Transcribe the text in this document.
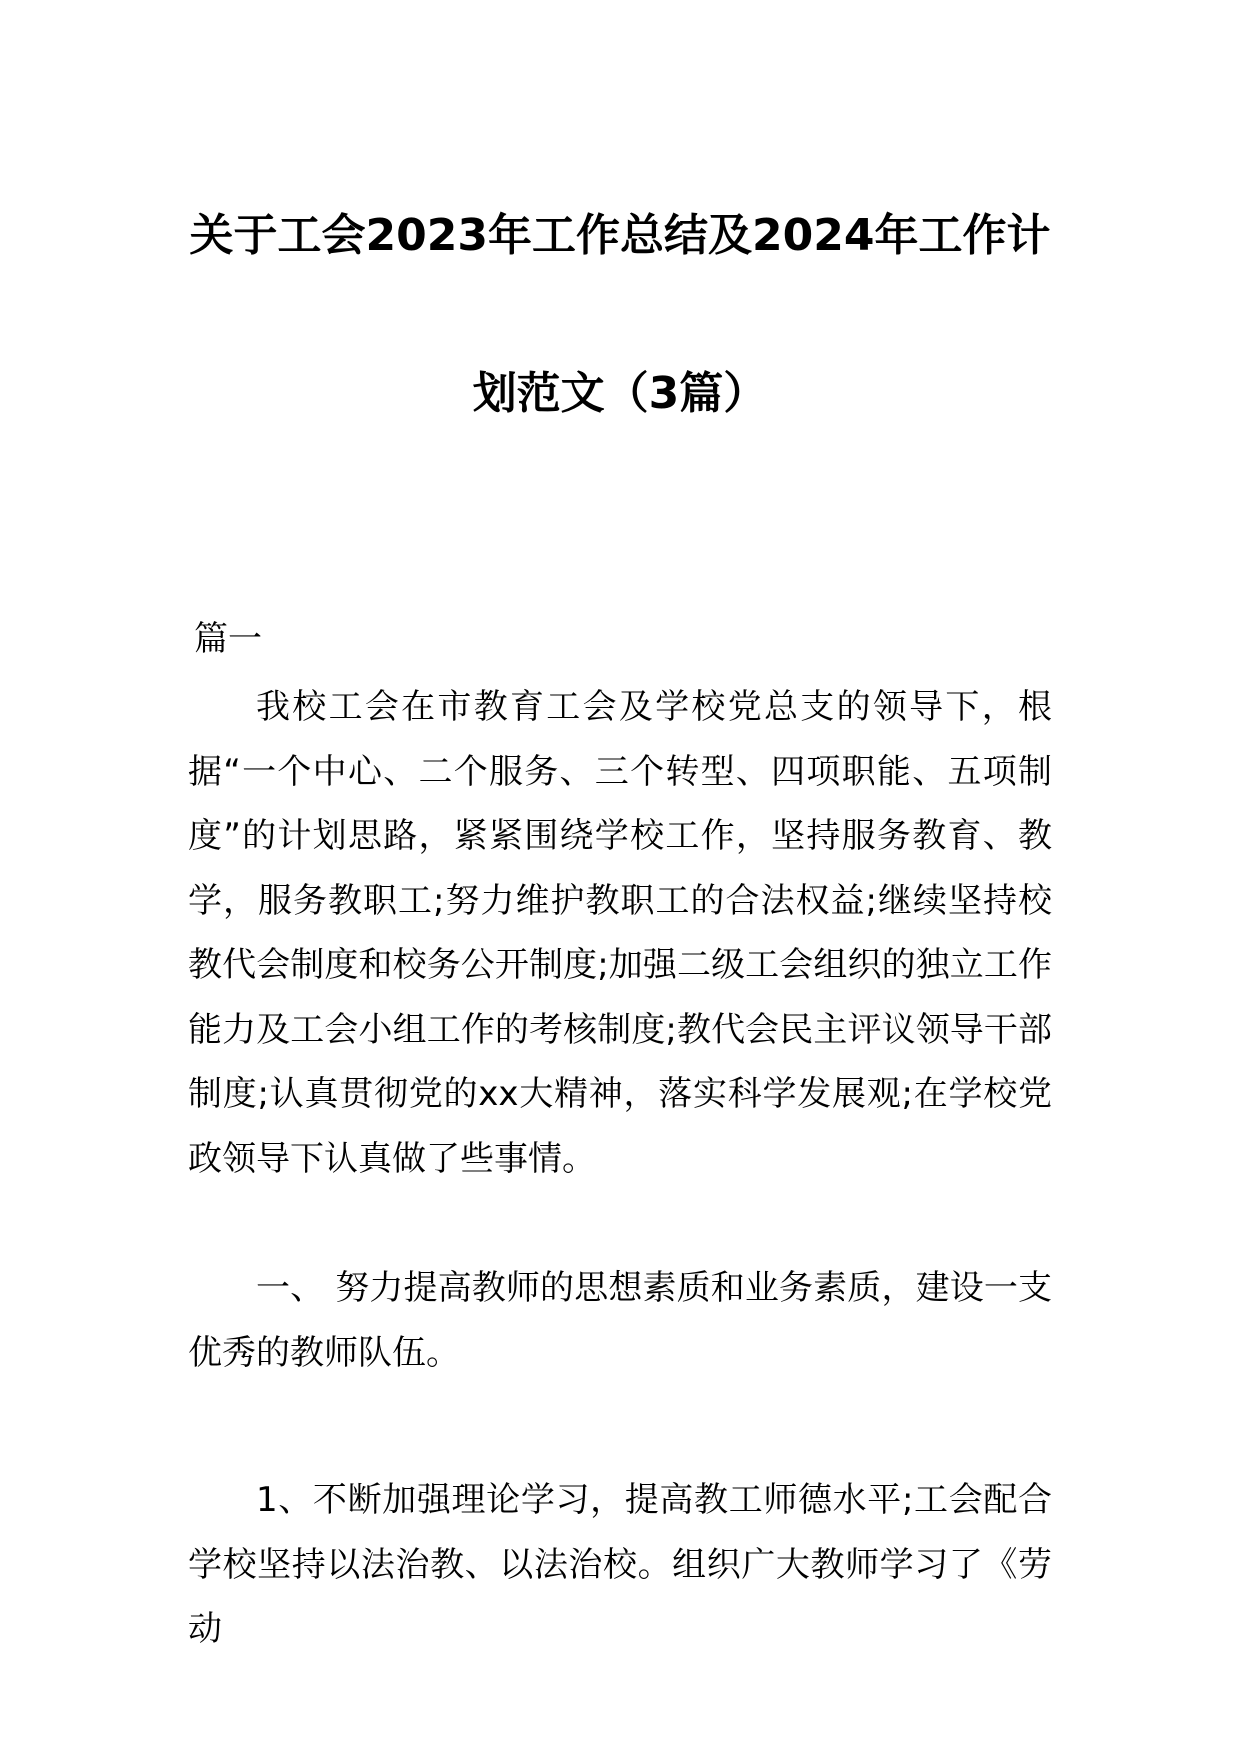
关于工会2023年工作总结及2024年工作计
划范文（3篇）
篇一

我校工会在市教育工会及学校党总支的领导下，根据“一个中心、二个服务、三个转型、四项职能、五项制度”的计划思路，紧紧围绕学校工作，坚持服务教育、教学，服务教职工;努力维护教职工的合法权益;继续坚持校教代会制度和校务公开制度;加强二级工会组织的独立工作能力及工会小组工作的考核制度;教代会民主评议领导干部制度;认真贯彻党的xx大精神，落实科学发展观;在学校党政领导下认真做了些事情。

一、 努力提高教师的思想素质和业务素质，建设一支优秀的教师队伍。

1、不断加强理论学习，提高教工师德水平;工会配合学校坚持以法治教、以法治校。组织广大教师学习了《劳动
